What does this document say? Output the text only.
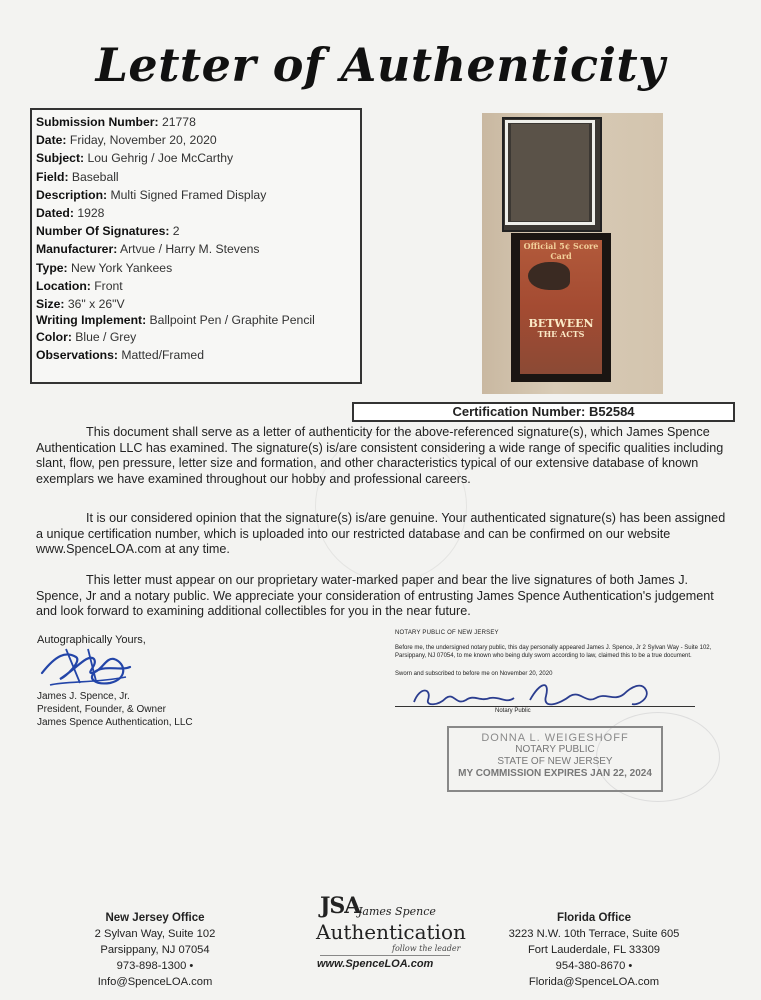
Letter of Authenticity
Submission Number: 21778
Date: Friday, November 20, 2020
Subject: Lou Gehrig / Joe McCarthy
Field: Baseball
Description: Multi Signed Framed Display
Dated: 1928
Number Of Signatures: 2
Manufacturer: Artvue / Harry M. Stevens
Type: New York Yankees
Location: Front
Size: 36" x 26"V
Writing Implement: Ballpoint Pen / Graphite Pencil
Color: Blue / Grey
Observations: Matted/Framed
Official 5¢ Score Card
BETWEEN
THE ACTS
Certification Number: B52584

This document shall serve as a letter of authenticity for the above-referenced signature(s), which James Spence Authentication LLC has examined. The signature(s) is/are consistent considering a wide range of specific qualities including slant, flow, pen pressure, letter size and formation, and other characteristics typical of our extensive database of known exemplars we have examined throughout our hobby and professional careers.

It is our considered opinion that the signature(s) is/are genuine. Your authenticated signature(s) has been assigned a unique certification number, which is uploaded into our restricted database and can be confirmed on our website www.SpenceLOA.com at any time.

This letter must appear on our proprietary water-marked paper and bear the live signatures of both James J. Spence, Jr and a notary public. We appreciate your consideration of entrusting James Spence Authentication's judgement and look forward to examining additional collectibles for you in the near future.

Autographically Yours,
James J. Spence, Jr.
President, Founder, & Owner
James Spence Authentication, LLC
NOTARY PUBLIC OF NEW JERSEY
Before me, the undersigned notary public, this day personally appeared James J. Spence, Jr 2 Sylvan Way - Suite 102, Parsippany, NJ 07054, to me known who being duly sworn according to law, claimed this to be a true document.
Sworn and subscribed to before me on November 20, 2020
Notary Public
DONNA L. WEIGESHOFF
NOTARY PUBLIC
STATE OF NEW JERSEY
MY COMMISSION EXPIRES JAN 22, 2024
New Jersey Office
2 Sylvan Way, Suite 102
Parsippany, NJ 07054
973-898-1300 • Info@SpenceLOA.com
JSA
James Spence
Authentication
follow the leader
www.SpenceLOA.com
Florida Office
3223 N.W. 10th Terrace, Suite 605
Fort Lauderdale, FL 33309
954-380-8670 • Florida@SpenceLOA.com
